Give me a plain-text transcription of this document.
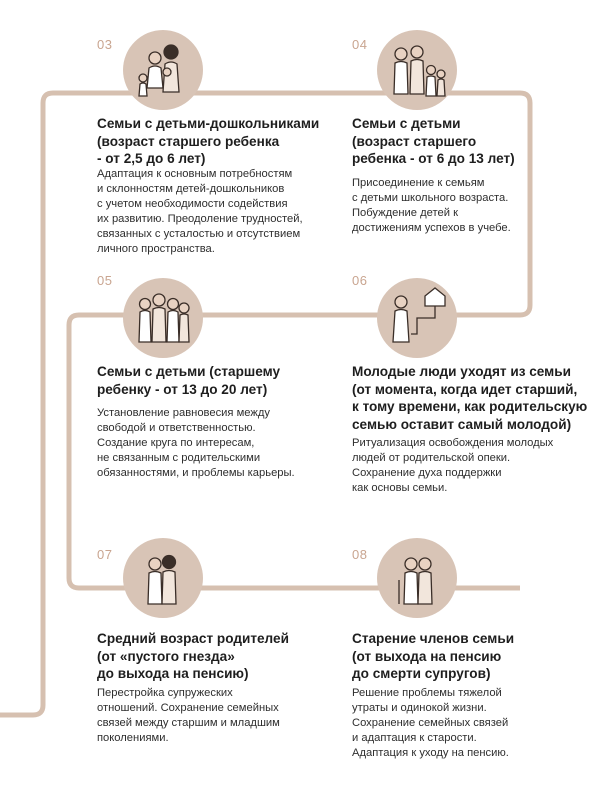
03
Семьи с детьми-дошкольниками
(возраст старшего ребенка
- от 2,5 до 6 лет)
Адаптация к основным потребностям
и склонностям детей-дошкольников
с учетом необходимости содействия
их развитию. Преодоление трудностей,
связанных с усталостью и отсутствием
личного пространства.
04
Семьи с детьми
(возраст старшего
ребенка - от 6 до 13 лет)
Присоединение к семьям
с детьми школьного возраста.
Побуждение детей к
достижениям успехов в учебе.
05
Семьи с детьми (старшему
ребенку - от 13 до 20 лет)
Установление равновесия между
свободой и ответственностью.
Создание круга по интересам,
не связанным с родительскими
обязанностями, и проблемы карьеры.
06
Молодые люди уходят из семьи
(от момента, когда идет старший,
к тому времени, как родительскую
семью оставит самый молодой)
Ритуализация освобождения молодых
людей от родительской опеки.
Сохранение духа поддержки
как основы семьи.
07
Средний возраст родителей
(от «пустого гнезда»
до выхода на пенсию)
Перестройка супружеских
отношений. Сохранение семейных
связей между старшим и младшим
поколениями.
08
Старение членов семьи
(от выхода на пенсию
до смерти супругов)
Решение проблемы тяжелой
утраты и одинокой жизни.
Сохранение семейных связей
и адаптация к старости.
Адаптация к уходу на пенсию.
